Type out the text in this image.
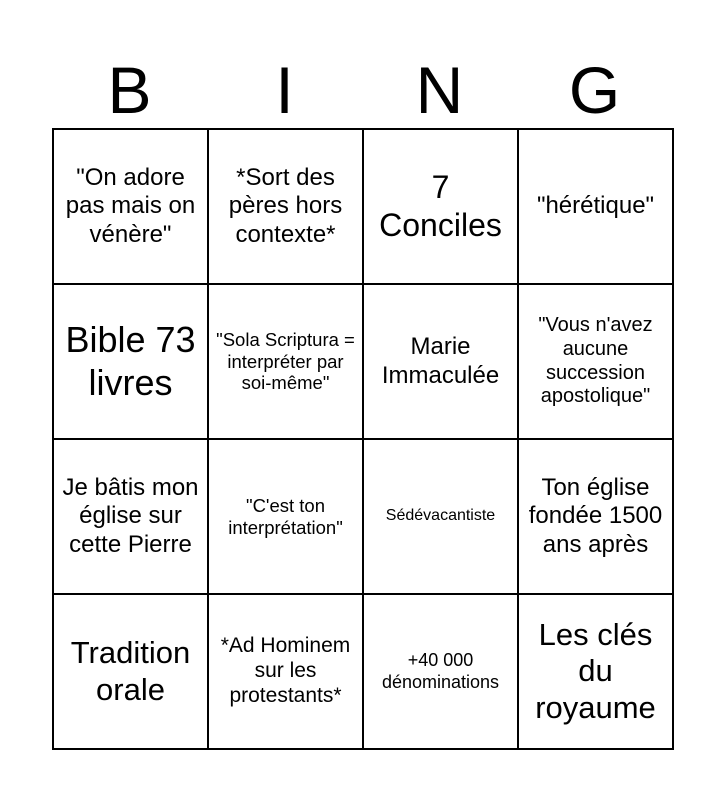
B	I	N	G
"On adore pas mais on vénère"	*Sort des pères hors contexte*	7 Conciles	"hérétique"
Bible 73 livres	"Sola Scriptura = interpréter par soi-même"	Marie Immaculée	"Vous n'avez aucune succession apostolique"
Je bâtis mon église sur cette Pierre	"C'est ton interprétation"	Sédévacantiste	Ton église fondée 1500 ans après
Tradition orale	*Ad Hominem sur les protestants*	+40 000 dénominations	Les clés du royaume
